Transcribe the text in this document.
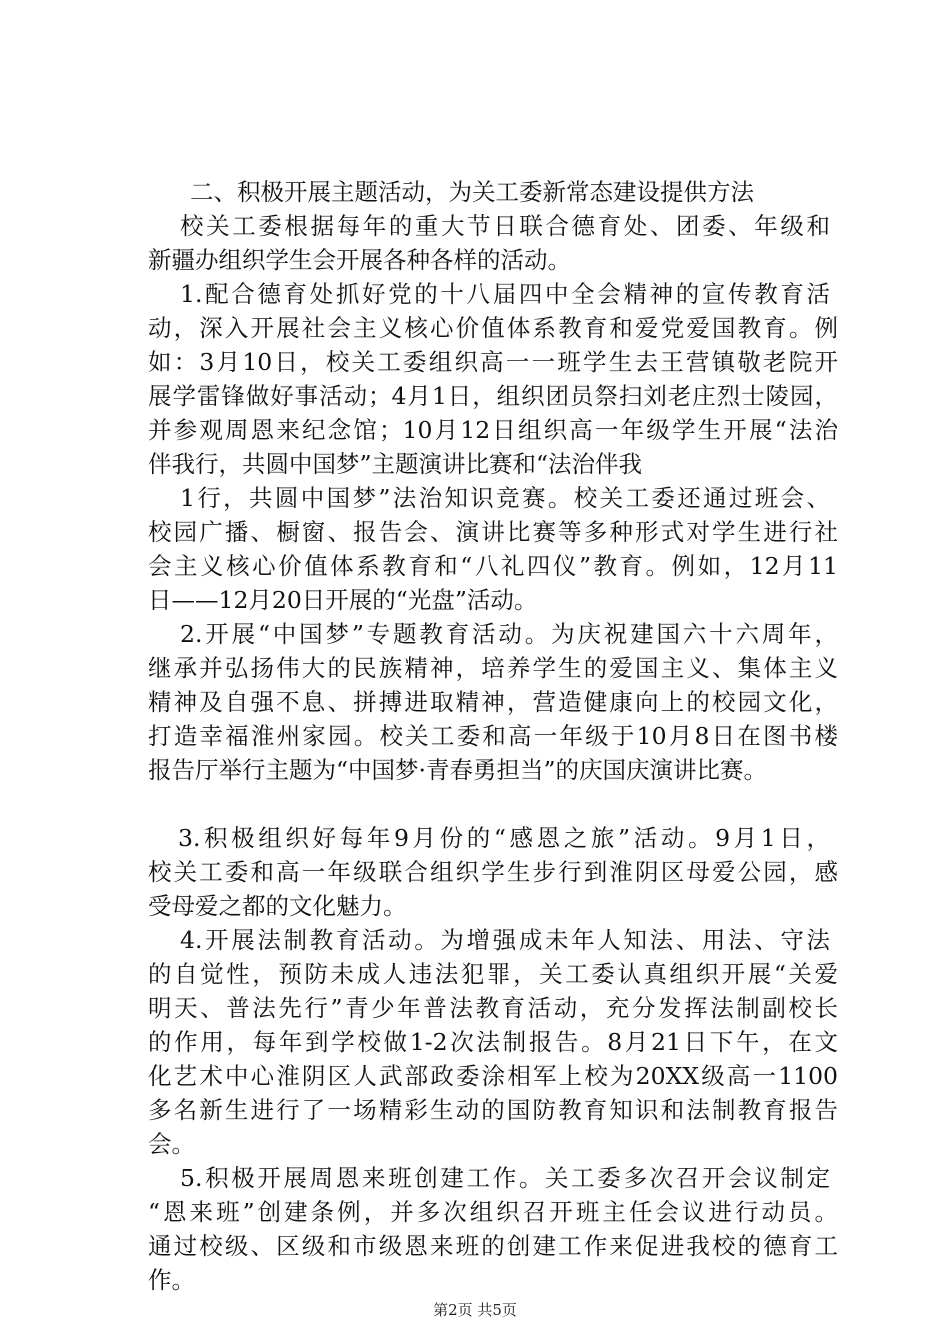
二、积极开展主题活动，为关工委新常态建设提供方法
校关工委根据每年的重大节日联合德育处、团委、年级和
新疆办组织学生会开展各种各样的活动。
1.配合德育处抓好党的十八届四中全会精神的宣传教育活
动，深入开展社会主义核心价值体系教育和爱党爱国教育。例
如：3月10日，校关工委组织高一一班学生去王营镇敬老院开
展学雷锋做好事活动；4月1日，组织团员祭扫刘老庄烈士陵园，
并参观周恩来纪念馆；10月12日组织高一年级学生开展“法治
伴我行，共圆中国梦”主题演讲比赛和“法治伴我
1行，共圆中国梦”法治知识竞赛。校关工委还通过班会、
校园广播、橱窗、报告会、演讲比赛等多种形式对学生进行社
会主义核心价值体系教育和“八礼四仪”教育。例如，12月11
日——12月20日开展的“光盘”活动。
2.开展“中国梦”专题教育活动。为庆祝建国六十六周年，
继承并弘扬伟大的民族精神，培养学生的爱国主义、集体主义
精神及自强不息、拼搏进取精神，营造健康向上的校园文化，
打造幸福淮州家园。校关工委和高一年级于10月8日在图书楼
报告厅举行主题为“中国梦·青春勇担当”的庆国庆演讲比赛。
3.积极组织好每年9月份的“感恩之旅”活动。9月1日，
校关工委和高一年级联合组织学生步行到淮阴区母爱公园，感
受母爱之都的文化魅力。
4.开展法制教育活动。为增强成未年人知法、用法、守法
的自觉性，预防未成人违法犯罪，关工委认真组织开展“关爱
明天、普法先行”青少年普法教育活动，充分发挥法制副校长
的作用，每年到学校做1-2次法制报告。8月21日下午，在文
化艺术中心淮阴区人武部政委涂相军上校为20XX级高一1100
多名新生进行了一场精彩生动的国防教育知识和法制教育报告
会。
5.积极开展周恩来班创建工作。关工委多次召开会议制定
“恩来班”创建条例，并多次组织召开班主任会议进行动员。
通过校级、区级和市级恩来班的创建工作来促进我校的德育工
作。
第2页 共5页
